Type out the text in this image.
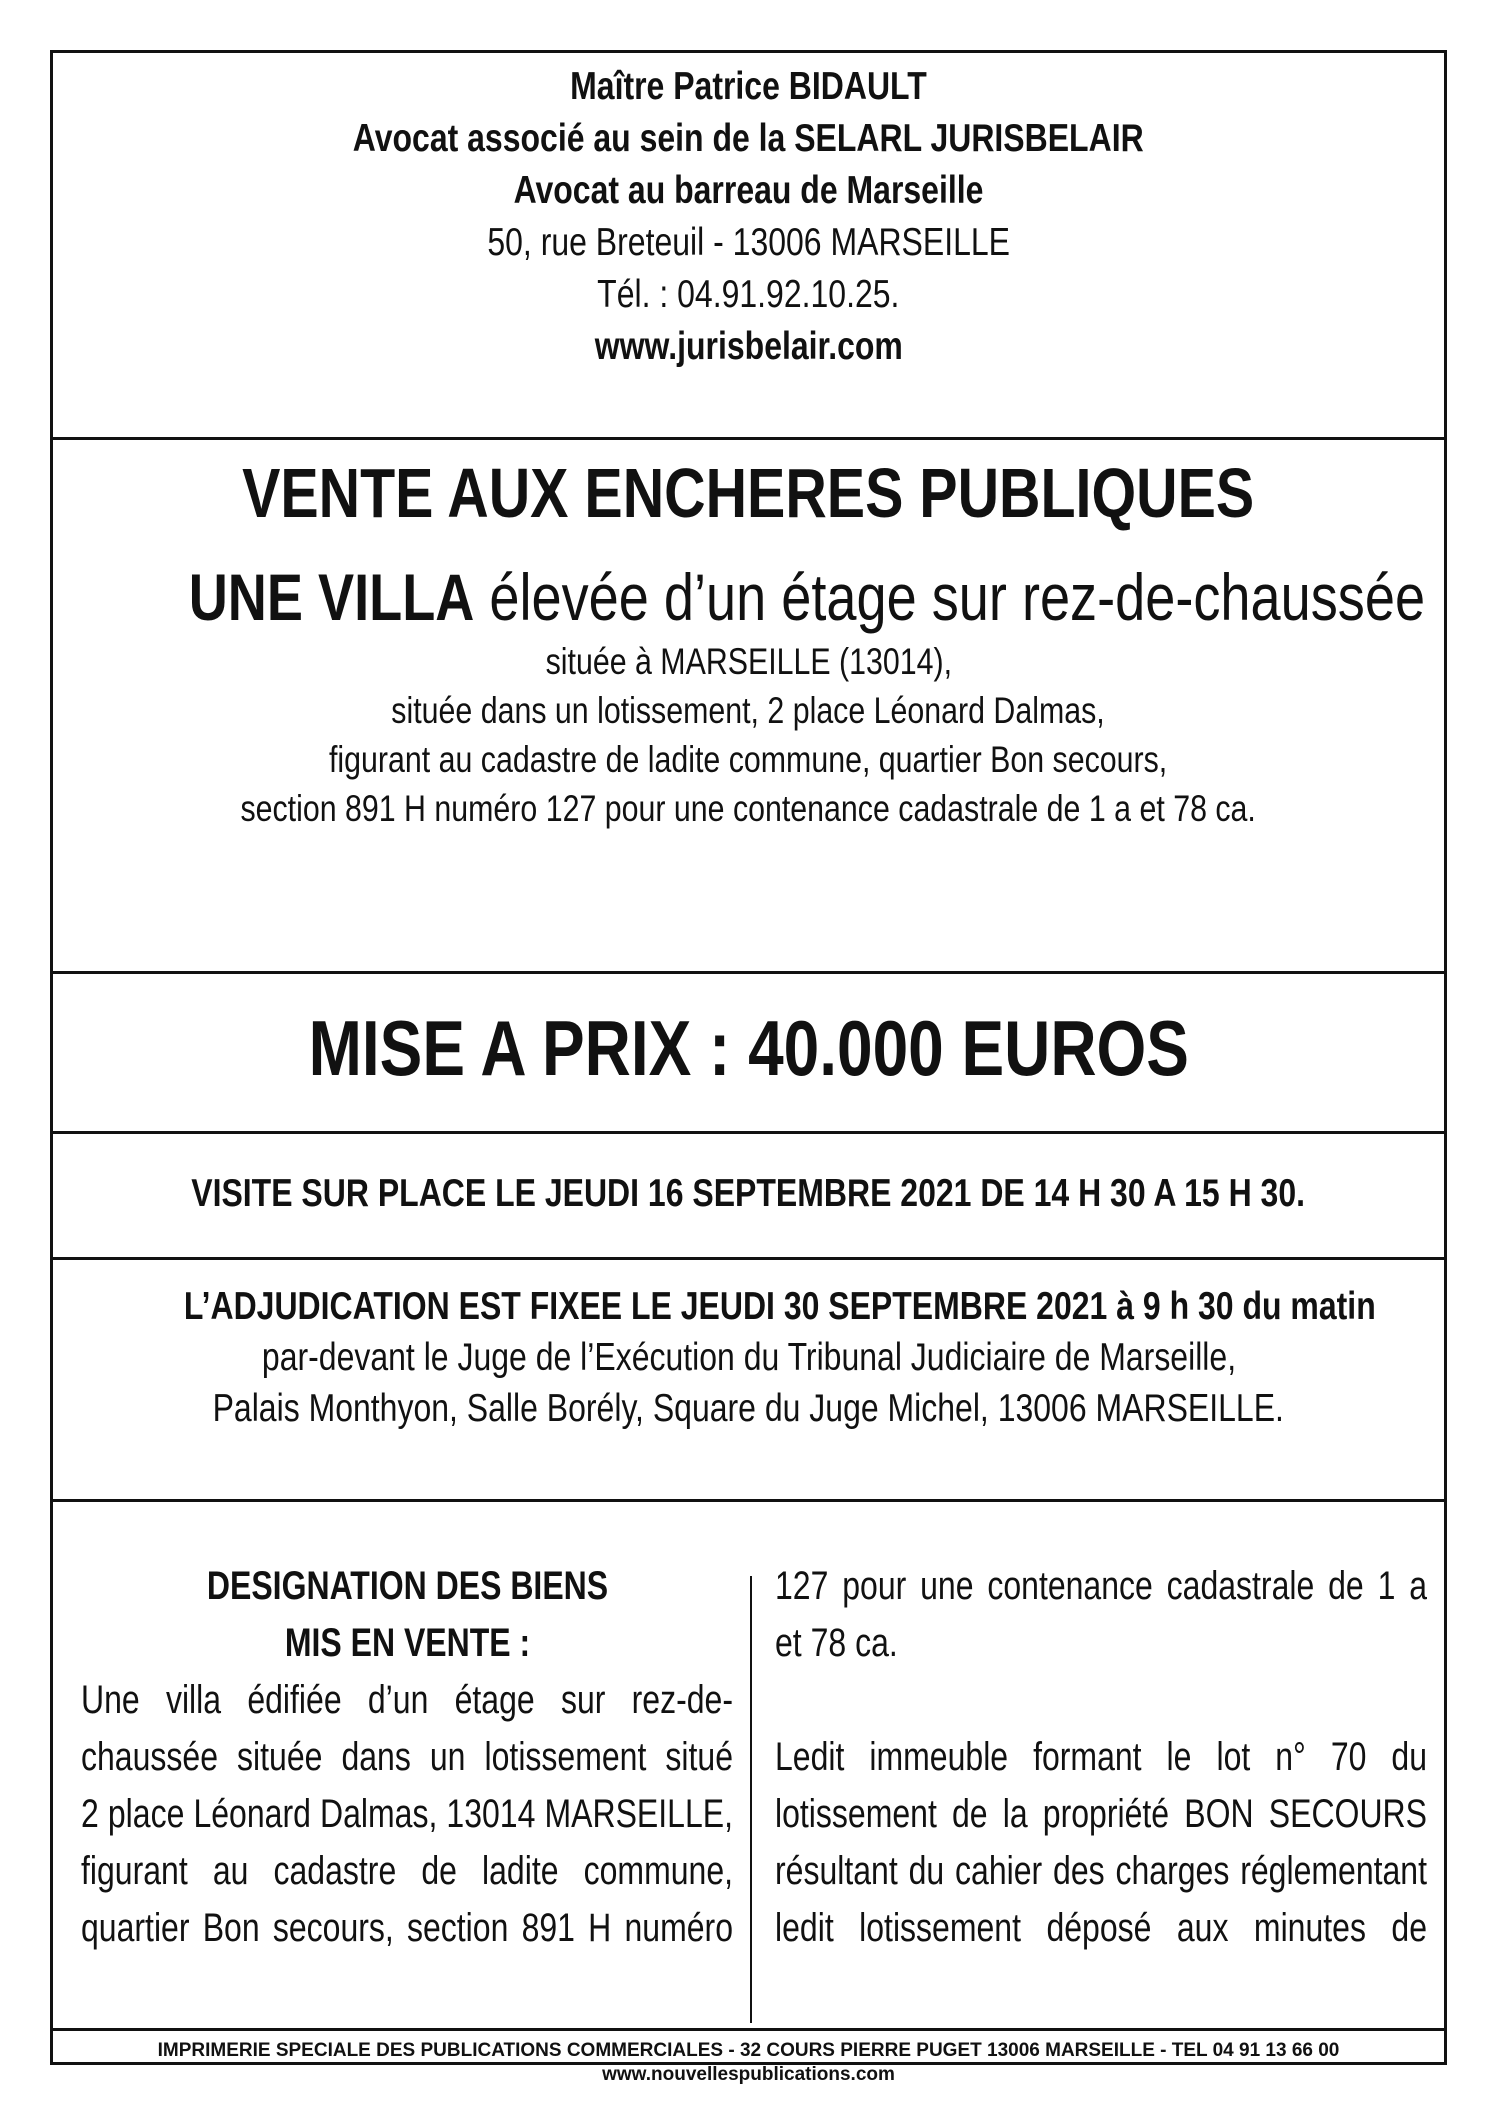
Maître Patrice BIDAULT
Avocat associé au sein de la SELARL JURISBELAIR
Avocat au barreau de Marseille
50, rue Breteuil - 13006 MARSEILLE
Tél. : 04.91.92.10.25.
www.jurisbelair.com
VENTE AUX ENCHERES PUBLIQUES
UNE VILLA élevée d’un étage sur rez-de-chaussée
située à MARSEILLE (13014),
située dans un lotissement, 2 place Léonard Dalmas,
figurant au cadastre de ladite commune, quartier Bon secours,
section 891 H numéro 127 pour une contenance cadastrale de 1 a et 78 ca.
MISE A PRIX : 40.000 EUROS
VISITE SUR PLACE LE JEUDI 16 SEPTEMBRE 2021 DE 14 H 30 A 15 H 30.
L’ADJUDICATION EST FIXEE LE JEUDI 30 SEPTEMBRE 2021 à 9 h 30 du matin
par-devant le Juge de l’Exécution du Tribunal Judiciaire de Marseille,
Palais Monthyon, Salle Borély, Square du Juge Michel, 13006 MARSEILLE.
DESIGNATION DES BIENS
MIS EN VENTE :
Une villa édifiée d’un étage sur rez-de-
chaussée située dans un lotissement situé
2 place Léonard Dalmas, 13014 MARSEILLE,
figurant au cadastre de ladite commune,
quartier Bon secours, section 891 H numéro
127 pour une contenance cadastrale de 1 a
et 78 ca.
Ledit immeuble formant le lot n° 70 du
lotissement de la propriété BON SECOURS
résultant du cahier des charges réglementant
ledit lotissement déposé aux minutes de
IMPRIMERIE SPECIALE DES PUBLICATIONS COMMERCIALES - 32 COURS PIERRE PUGET 13006 MARSEILLE - TEL 04 91 13 66 00
www.nouvellespublications.com
